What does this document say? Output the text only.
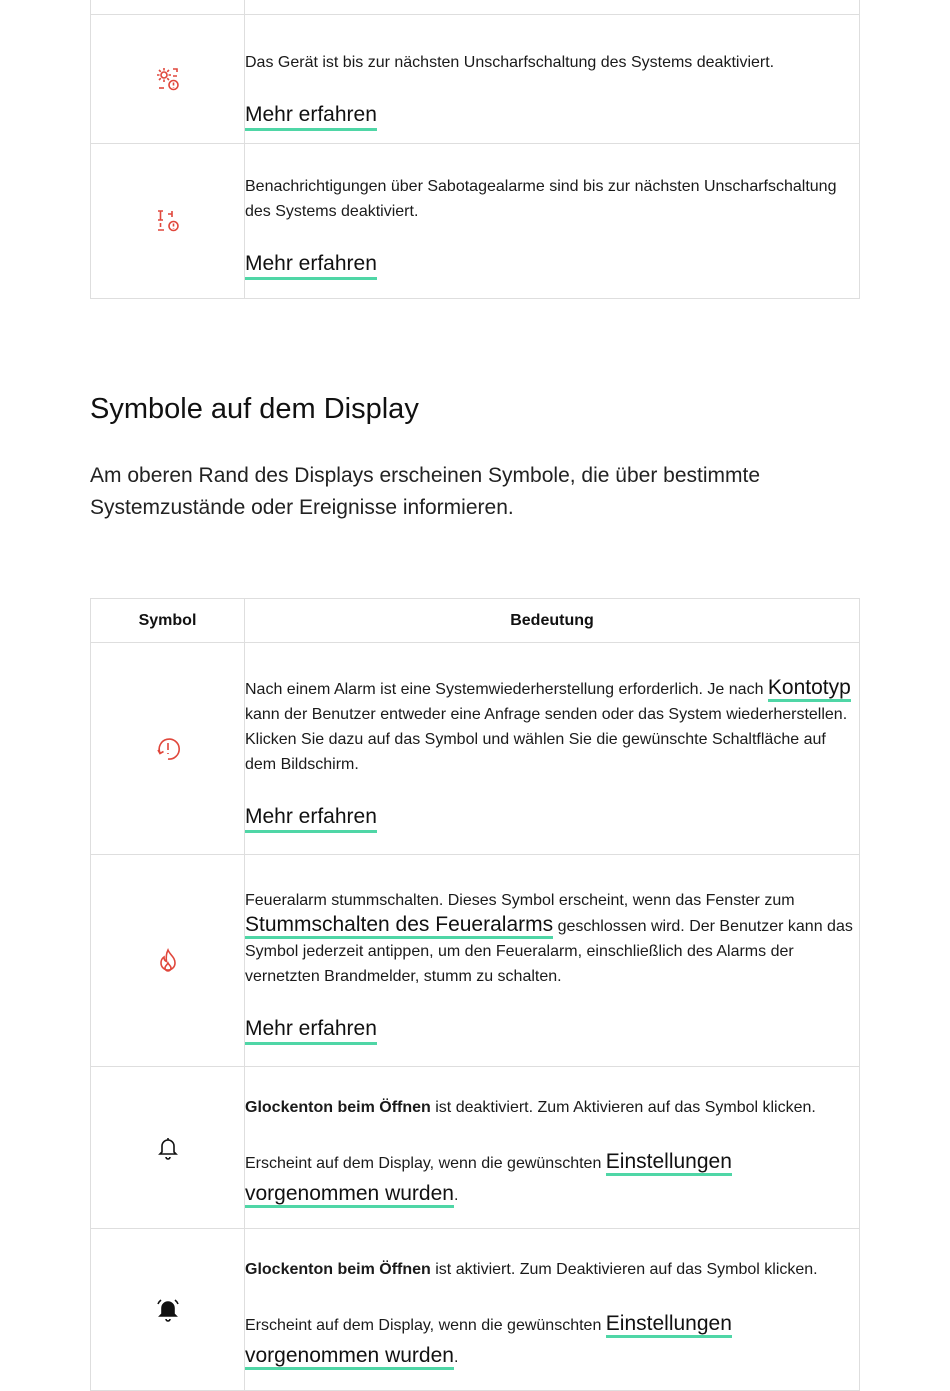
Das Gerät ist bis zur nächsten Unscharfschaltung des Systems deaktiviert.

Mehr erfahren

Benachrichtigungen über Sabotagealarme sind bis zur nächsten Unscharfschaltung des Systems deaktiviert.

Mehr erfahren
Symbole auf dem Display

Am oberen Rand des Displays erscheinen Symbole, die über bestimmte Systemzustände oder Ereignisse informieren.

Symbol	Bedeutung

Nach einem Alarm ist eine Systemwiederherstellung erforderlich. Je nach Kontotyp kann der Benutzer entweder eine Anfrage senden oder das System wiederherstellen. Klicken Sie dazu auf das Symbol und wählen Sie die gewünschte Schaltfläche auf dem Bildschirm.

Mehr erfahren

Feueralarm stummschalten. Dieses Symbol erscheint, wenn das Fenster zum Stummschalten des Feueralarms geschlossen wird. Der Benutzer kann das Symbol jederzeit antippen, um den Feueralarm, einschließlich des Alarms der vernetzten Brandmelder, stumm zu schalten.

Mehr erfahren

Glockenton beim Öffnen ist deaktiviert. Zum Aktivieren auf das Symbol klicken.

Erscheint auf dem Display, wenn die gewünschten Einstellungen vorgenommen wurden.

Glockenton beim Öffnen ist aktiviert. Zum Deaktivieren auf das Symbol klicken.

Erscheint auf dem Display, wenn die gewünschten Einstellungen vorgenommen wurden.
